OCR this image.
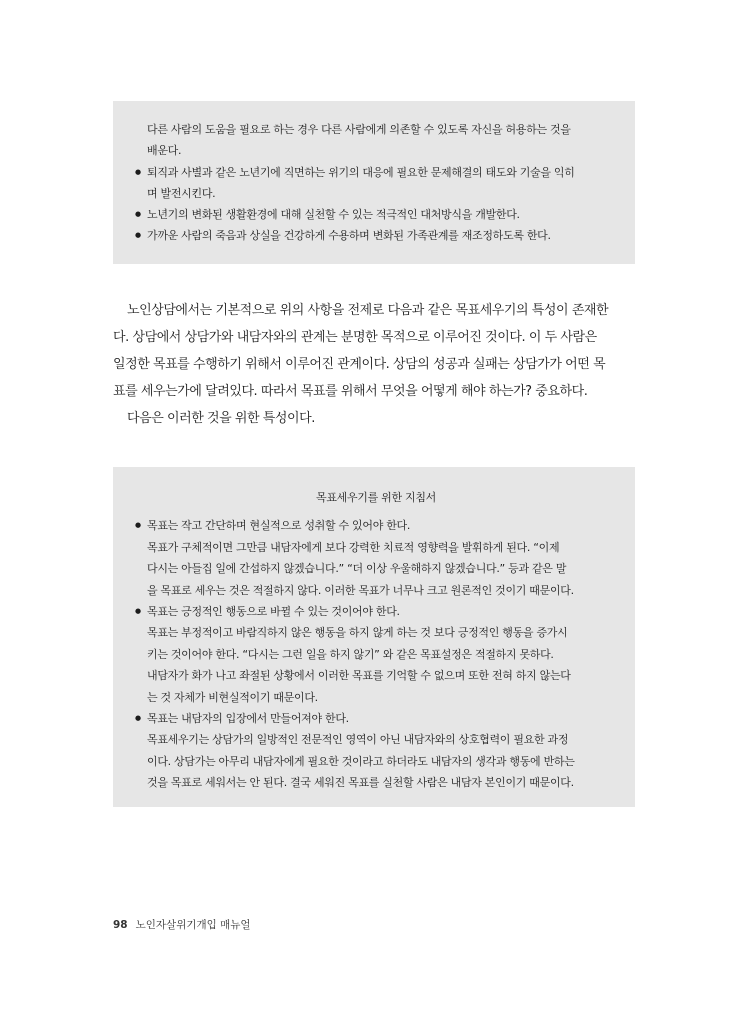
다른 사람의 도움을 필요로 하는 경우 다른 사람에게 의존할 수 있도록 자신을 허용하는 것을

배운다.

● 퇴직과 사별과 같은 노년기에 직면하는 위기의 대응에 필요한 문제해결의 태도와 기술을 익히

며 발전시킨다.

● 노년기의 변화된 생활환경에 대해 실천할 수 있는 적극적인 대처방식을 개발한다.

● 가까운 사람의 죽음과 상실을 건강하게 수용하며 변화된 가족관계를 재조정하도록 한다.

노인상담에서는 기본적으로 위의 사항을 전제로 다음과 같은 목표세우기의 특성이 존재한

다. 상담에서 상담가와 내담자와의 관계는 분명한 목적으로 이루어진 것이다. 이 두 사람은

일정한 목표를 수행하기 위해서 이루어진 관계이다. 상담의 성공과 실패는 상담가가 어떤 목

표를 세우는가에 달려있다. 따라서 목표를 위해서 무엇을 어떻게 해야 하는가? 중요하다.

다음은 이러한 것을 위한 특성이다.

목표세우기를 위한 지침서

● 목표는 작고 간단하며 현실적으로 성취할 수 있어야 한다.

목표가 구체적이면 그만큼 내담자에게 보다 강력한 치료적 영향력을 발휘하게 된다. “이제

다시는 아들집 일에 간섭하지 않겠습니다.” “더 이상 우울해하지 않겠습니다.” 등과 같은 말

을 목표로 세우는 것은 적절하지 않다. 이러한 목표가 너무나 크고 원론적인 것이기 때문이다.

● 목표는 긍정적인 행동으로 바뀔 수 있는 것이어야 한다.

목표는 부정적이고 바람직하지 않은 행동을 하지 않게 하는 것 보다 긍정적인 행동을 증가시

키는 것이어야 한다. “다시는 그런 일을 하지 않기” 와 같은 목표설정은 적절하지 못하다.

내담자가 화가 나고 좌절된 상황에서 이러한 목표를 기억할 수 없으며 또한 전혀 하지 않는다

는 것 자체가 비현실적이기 때문이다.

● 목표는 내담자의 입장에서 만들어져야 한다.

목표세우기는 상담가의 일방적인 전문적인 영역이 아닌 내담자와의 상호협력이 필요한 과정

이다. 상담가는 아무리 내담자에게 필요한 것이라고 하더라도 내담자의 생각과 행동에 반하는

것을 목표로 세워서는 안 된다. 결국 세워진 목표를 실천할 사람은 내담자 본인이기 때문이다.

98 노인자살위기개입 매뉴얼
